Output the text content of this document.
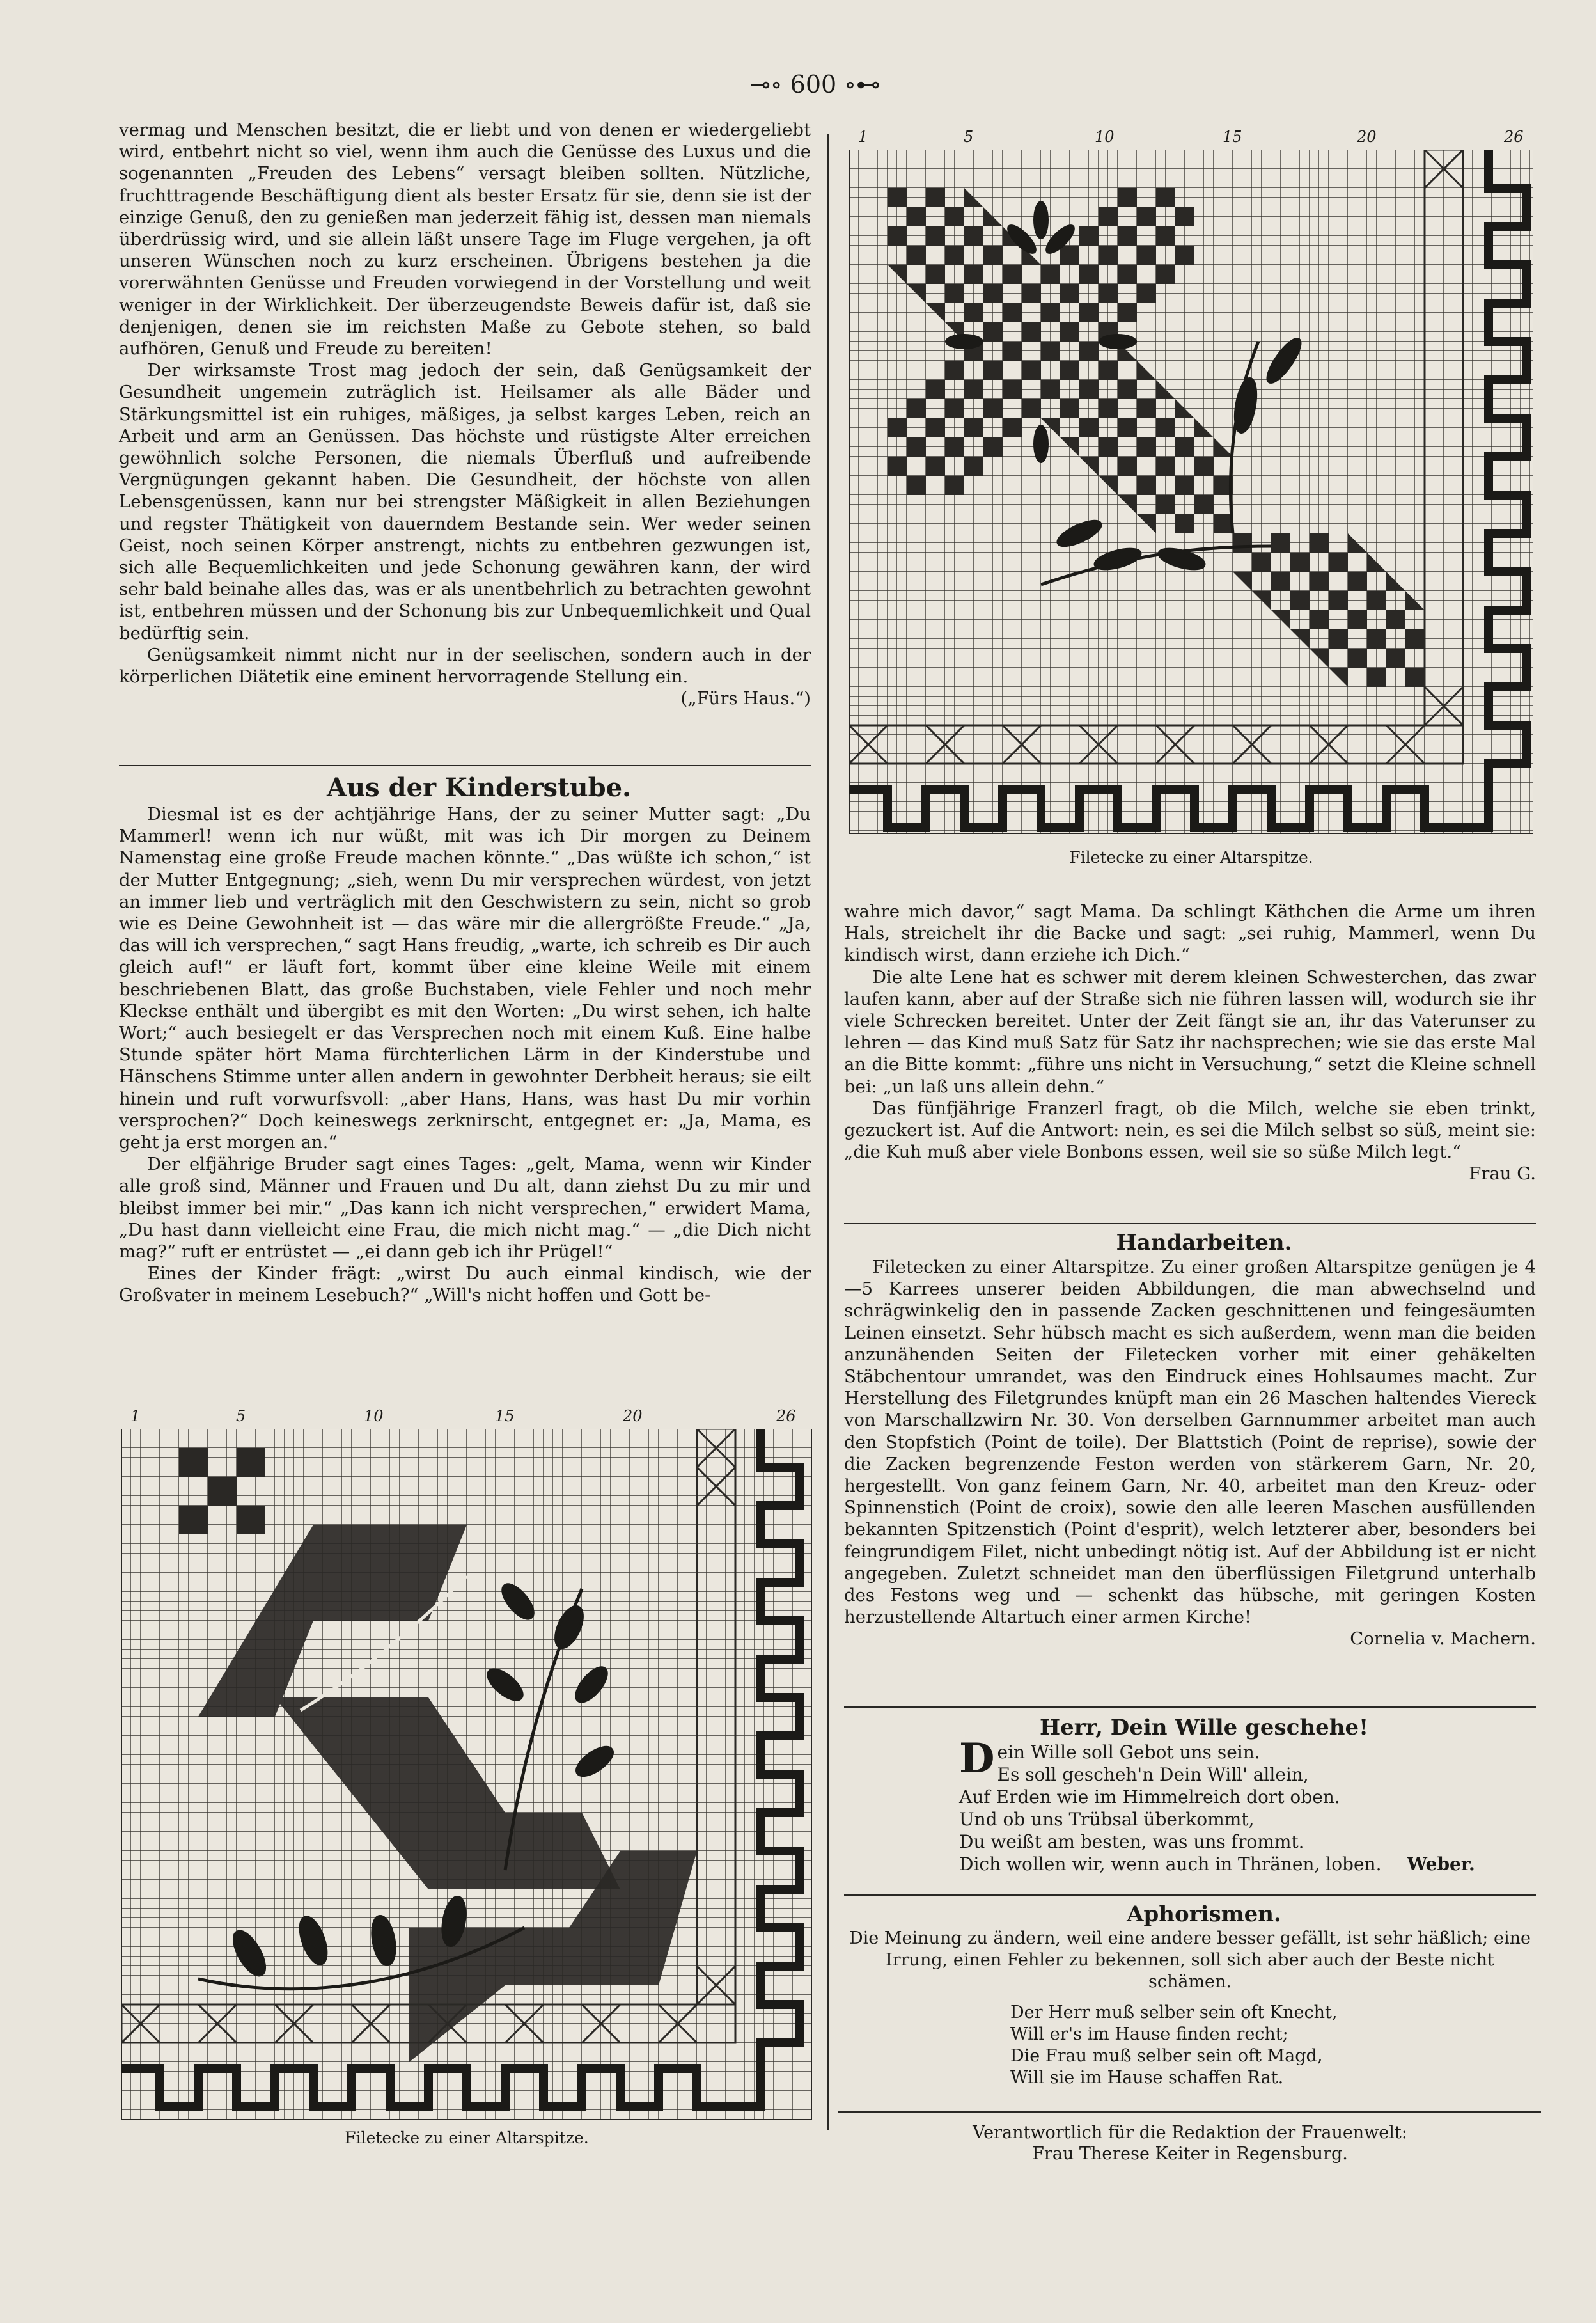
⊸∘ 600 ∘⊷

vermag und Menschen besitzt, die er liebt und von denen er wiedergeliebt wird, entbehrt nicht so viel, wenn ihm auch die Genüsse des Luxus und die sogenannten „Freuden des Lebens“ versagt bleiben sollten. Nützliche, fruchttragende Beschäftigung dient als bester Ersatz für sie, denn sie ist der einzige Genuß, den zu genießen man jederzeit fähig ist, dessen man niemals überdrüssig wird, und sie allein läßt unsere Tage im Fluge vergehen, ja oft unseren Wünschen noch zu kurz erscheinen. Übrigens bestehen ja die vorerwähnten Genüsse und Freuden vorwiegend in der Vorstellung und weit weniger in der Wirklichkeit. Der überzeugendste Beweis dafür ist, daß sie denjenigen, denen sie im reichsten Maße zu Gebote stehen, so bald aufhören, Genuß und Freude zu bereiten!

Der wirksamste Trost mag jedoch der sein, daß Genügsamkeit der Gesundheit ungemein zuträglich ist. Heilsamer als alle Bäder und Stärkungsmittel ist ein ruhiges, mäßiges, ja selbst karges Leben, reich an Arbeit und arm an Genüssen. Das höchste und rüstigste Alter erreichen gewöhnlich solche Personen, die niemals Überfluß und aufreibende Vergnügungen gekannt haben. Die Gesundheit, der höchste von allen Lebensgenüssen, kann nur bei strengster Mäßigkeit in allen Beziehungen und regster Thätigkeit von dauerndem Bestande sein. Wer weder seinen Geist, noch seinen Körper anstrengt, nichts zu entbehren gezwungen ist, sich alle Bequemlichkeiten und jede Schonung gewähren kann, der wird sehr bald beinahe alles das, was er als unentbehrlich zu betrachten gewohnt ist, entbehren müssen und der Schonung bis zur Unbequemlichkeit und Qual bedürftig sein.

Genügsamkeit nimmt nicht nur in der seelischen, sondern auch in der körperlichen Diätetik eine eminent hervorragende Stellung ein.

(„Fürs Haus.“)

Aus der Kinderstube.

Diesmal ist es der achtjährige Hans, der zu seiner Mutter sagt: „Du Mammerl! wenn ich nur wüßt, mit was ich Dir morgen zu Deinem Namenstag eine große Freude machen könnte.“ „Das wüßte ich schon,“ ist der Mutter Entgegnung; „sieh, wenn Du mir versprechen würdest, von jetzt an immer lieb und verträglich mit den Geschwistern zu sein, nicht so grob wie es Deine Gewohnheit ist — das wäre mir die allergrößte Freude.“ „Ja, das will ich versprechen,“ sagt Hans freudig, „warte, ich schreib es Dir auch gleich auf!“ er läuft fort, kommt über eine kleine Weile mit einem beschriebenen Blatt, das große Buchstaben, viele Fehler und noch mehr Kleckse enthält und übergibt es mit den Worten: „Du wirst sehen, ich halte Wort;“ auch besiegelt er das Versprechen noch mit einem Kuß. Eine halbe Stunde später hört Mama fürchterlichen Lärm in der Kinderstube und Hänschens Stimme unter allen andern in gewohnter Derbheit heraus; sie eilt hinein und ruft vorwurfsvoll: „aber Hans, Hans, was hast Du mir vorhin versprochen?“ Doch keineswegs zerknirscht, entgegnet er: „Ja, Mama, es geht ja erst morgen an.“

Der elfjährige Bruder sagt eines Tages: „gelt, Mama, wenn wir Kinder alle groß sind, Männer und Frauen und Du alt, dann ziehst Du zu mir und bleibst immer bei mir.“ „Das kann ich nicht versprechen,“ erwidert Mama, „Du hast dann vielleicht eine Frau, die mich nicht mag.“ — „die Dich nicht mag?“ ruft er entrüstet — „ei dann geb ich ihr Prügel!“

Eines der Kinder frägt: „wirst Du auch einmal kindisch, wie der Großvater in meinem Lesebuch?“ „Will's nicht hoffen und Gott be-

1	5	10	15	20	26
Filetecke zu einer Altarspitze.
1	5	10	15	20	26
Filetecke zu einer Altarspitze.

wahre mich davor,“ sagt Mama. Da schlingt Käthchen die Arme um ihren Hals, streichelt ihr die Backe und sagt: „sei ruhig, Mammerl, wenn Du kindisch wirst, dann erziehe ich Dich.“

Die alte Lene hat es schwer mit derem kleinen Schwesterchen, das zwar laufen kann, aber auf der Straße sich nie führen lassen will, wodurch sie ihr viele Schrecken bereitet. Unter der Zeit fängt sie an, ihr das Vaterunser zu lehren — das Kind muß Satz für Satz ihr nachsprechen; wie sie das erste Mal an die Bitte kommt: „führe uns nicht in Versuchung,“ setzt die Kleine schnell bei: „un laß uns allein dehn.“

Das fünfjährige Franzerl fragt, ob die Milch, welche sie eben trinkt, gezuckert ist. Auf die Antwort: nein, es sei die Milch selbst so süß, meint sie: „die Kuh muß aber viele Bonbons essen, weil sie so süße Milch legt.“

Frau G.

Handarbeiten.

Filetecken zu einer Altarspitze. Zu einer großen Altarspitze genügen je 4—5 Karrees unserer beiden Abbildungen, die man abwechselnd und schrägwinkelig den in passende Zacken geschnittenen und feingesäumten Leinen einsetzt. Sehr hübsch macht es sich außerdem, wenn man die beiden anzunähenden Seiten der Filetecken vorher mit einer gehäkelten Stäbchentour umrandet, was den Eindruck eines Hohlsaumes macht. Zur Herstellung des Filetgrundes knüpft man ein 26 Maschen haltendes Viereck von Marschallzwirn Nr. 30. Von derselben Garnnummer arbeitet man auch den Stopfstich (Point de toile). Der Blattstich (Point de reprise), sowie der die Zacken begrenzende Feston werden von stärkerem Garn, Nr. 20, hergestellt. Von ganz feinem Garn, Nr. 40, arbeitet man den Kreuz- oder Spinnenstich (Point de croix), sowie den alle leeren Maschen ausfüllenden bekannten Spitzenstich (Point d'esprit), welch letzterer aber, besonders bei feingrundigem Filet, nicht unbedingt nötig ist. Auf der Abbildung ist er nicht angegeben. Zuletzt schneidet man den überflüssigen Filetgrund unterhalb des Festons weg und — schenkt das hübsche, mit geringen Kosten herzustellende Altartuch einer armen Kirche!

Cornelia v. Machern.

Herr, Dein Wille geschehe!

D ein Wille soll Gebot uns sein.
Es soll gescheh'n Dein Will' allein,
Auf Erden wie im Himmelreich dort oben.
Und ob uns Trübsal überkommt,
Du weißt am besten, was uns frommt.
Dich wollen wir, wenn auch in Thränen, loben. Weber.

Aphorismen.

Die Meinung zu ändern, weil eine andere besser gefällt, ist sehr häßlich; eine Irrung, einen Fehler zu bekennen, soll sich aber auch der Beste nicht schämen.

Der Herr muß selber sein oft Knecht,
Will er's im Hause finden recht;
Die Frau muß selber sein oft Magd,
Will sie im Hause schaffen Rat.
Verantwortlich für die Redaktion der Frauenwelt:
Frau Therese Keiter in Regensburg.
